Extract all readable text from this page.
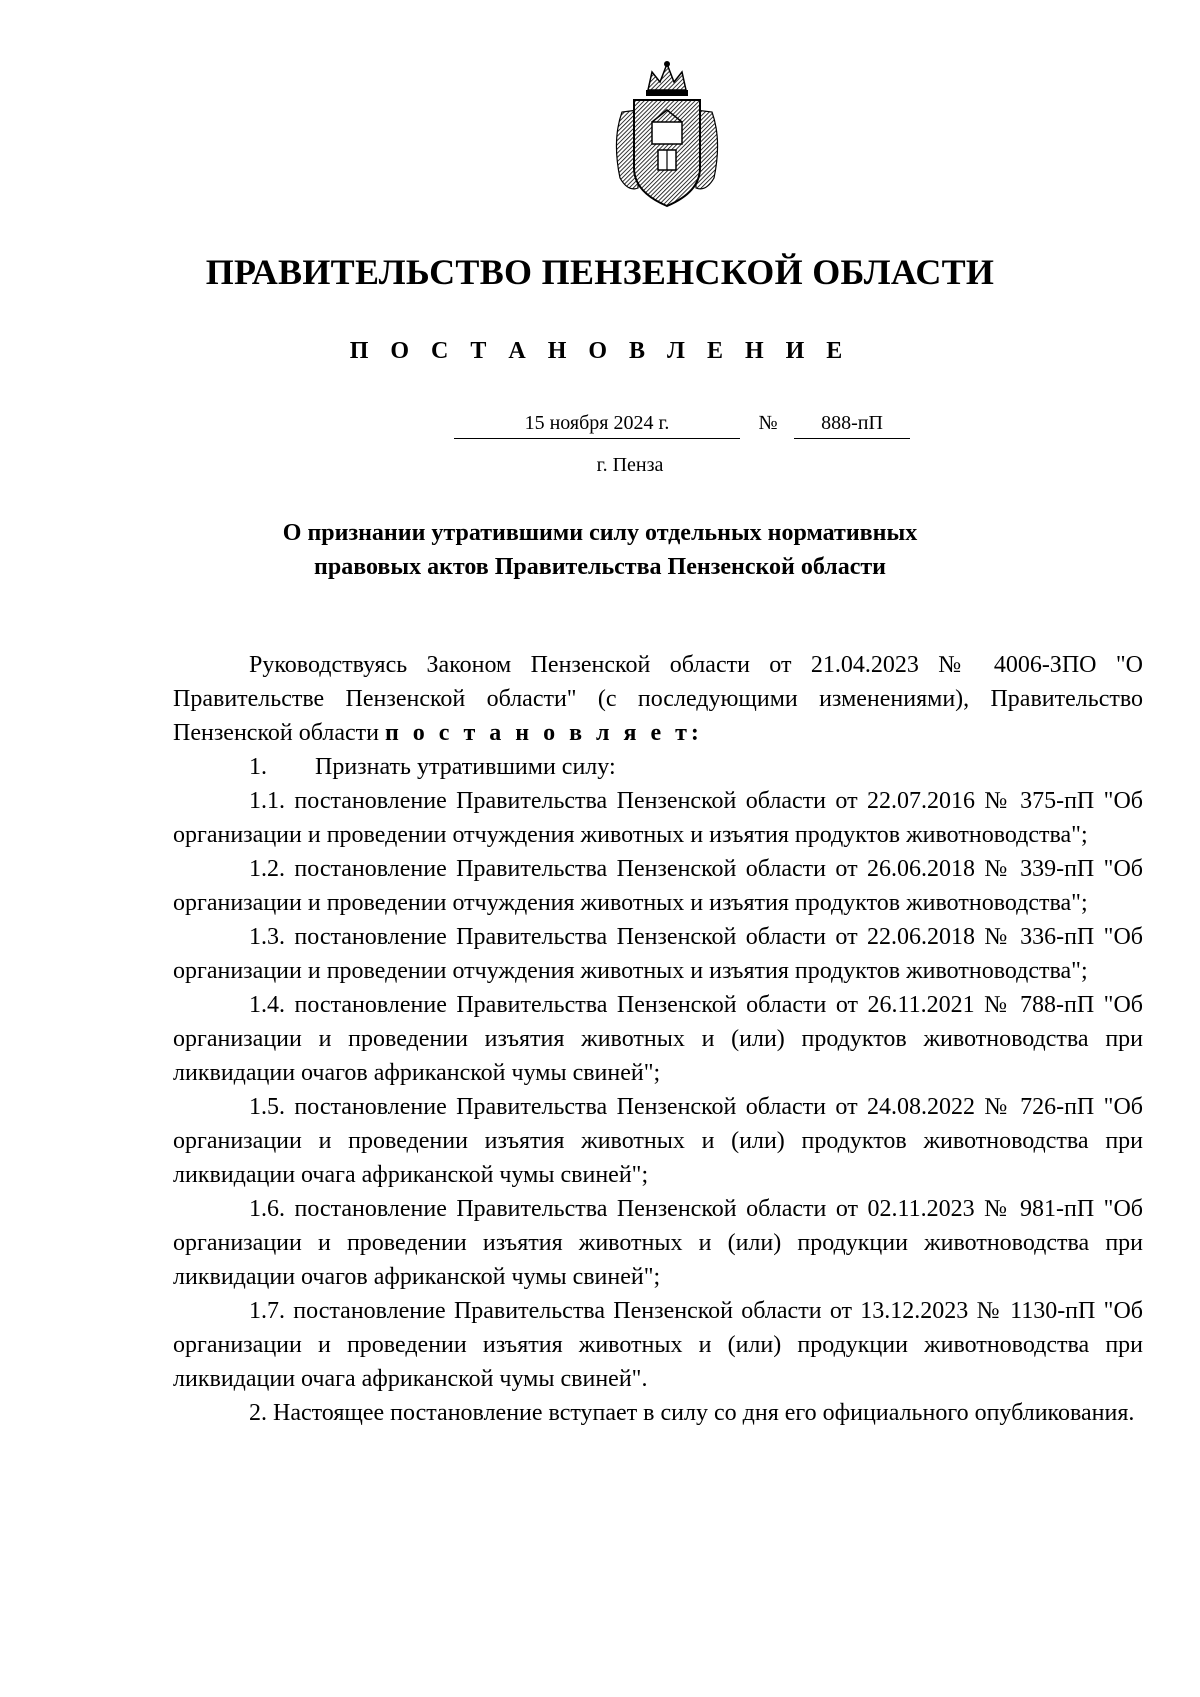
ПРАВИТЕЛЬСТВО ПЕНЗЕНСКОЙ ОБЛАСТИ
П О С Т А Н О В Л Е Н И Е
15 ноября 2024 г.	№	888-пП
г. Пенза
О признании утратившими силу отдельных нормативных
правовых актов Правительства Пензенской области

Руководствуясь Законом Пензенской области от 21.04.2023 № 4006-ЗПО "О Правительстве Пензенской области" (с последующими изменениями), Правительство Пензенской области п о с т а н о в л я е т:

1. Признать утратившими силу:

1.1. постановление Правительства Пензенской области от 22.07.2016 № 375-пП "Об организации и проведении отчуждения животных и изъятия продуктов животноводства";

1.2. постановление Правительства Пензенской области от 26.06.2018 № 339-пП "Об организации и проведении отчуждения животных и изъятия продуктов животноводства";

1.3. постановление Правительства Пензенской области от 22.06.2018 № 336-пП "Об организации и проведении отчуждения животных и изъятия продуктов животноводства";

1.4. постановление Правительства Пензенской области от 26.11.2021 № 788-пП "Об организации и проведении изъятия животных и (или) продуктов животноводства при ликвидации очагов африканской чумы свиней";

1.5. постановление Правительства Пензенской области от 24.08.2022 № 726-пП "Об организации и проведении изъятия животных и (или) продуктов животноводства при ликвидации очага африканской чумы свиней";

1.6. постановление Правительства Пензенской области от 02.11.2023 № 981-пП "Об организации и проведении изъятия животных и (или) продукции животноводства при ликвидации очагов африканской чумы свиней";

1.7. постановление Правительства Пензенской области от 13.12.2023 № 1130-пП "Об организации и проведении изъятия животных и (или) продукции животноводства при ликвидации очага африканской чумы свиней".

2. Настоящее постановление вступает в силу со дня его официального опубликования.
